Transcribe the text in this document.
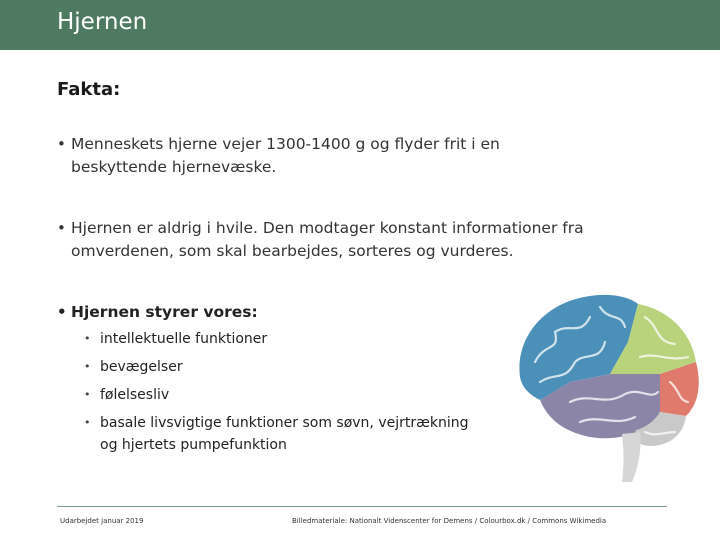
Hjernen
Fakta:
• Menneskets hjerne vejer 1300-1400 g og flyder frit i en
beskyttende hjernevæske.
• Hjernen er aldrig i hvile. Den modtager konstant informationer fra
omverdenen, som skal bearbejdes, sorteres og vurderes.
• Hjernen styrer vores:
• intellektuelle funktioner
• bevægelser
• følelsesliv
• basale livsvigtige funktioner som søvn, vejrtrækning
og hjertets pumpefunktion
Udarbejdet januar 2019	Billedmateriale: Nationalt Videnscenter for Demens / Colourbox.dk / Commons Wikimedia
